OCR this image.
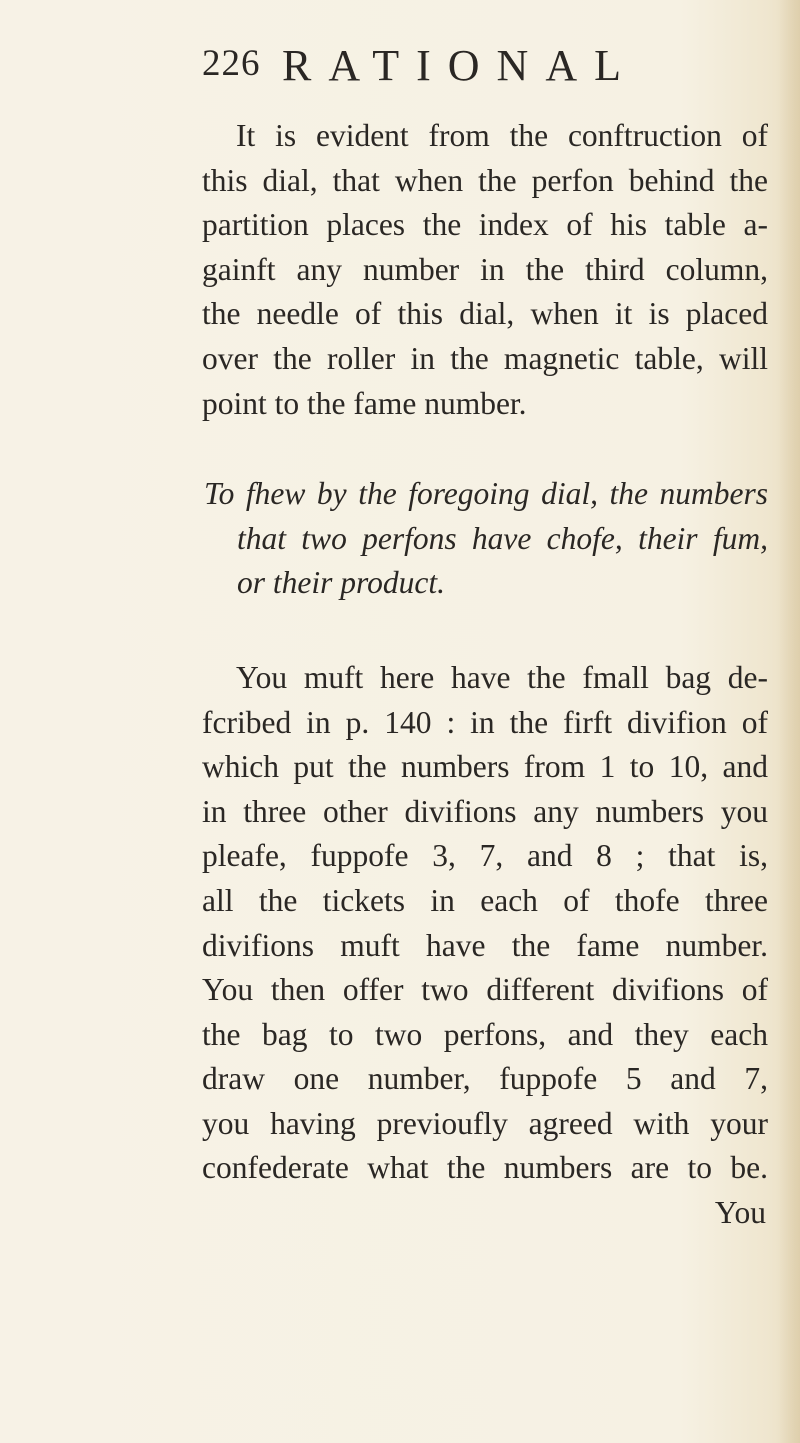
226 RATIONAL

It is evident from the conftruction of

this dial, that when the perfon behind the

partition places the index of his table a-

gainft any number in the third column,

the needle of this dial, when it is placed

over the roller in the magnetic table, will

point to the fame number.

To fhew by the foregoing dial, the numbers

that two perfons have chofe, their fum,

or their product.

You muft here have the fmall bag de-

fcribed in p. 140 : in the firft divifion of

which put the numbers from 1 to 10, and

in three other divifions any numbers you

pleafe, fuppofe 3, 7, and 8 ; that is,

all the tickets in each of thofe three

divifions muft have the fame number.

You then offer two different divifions of

the bag to two perfons, and they each

draw one number, fuppofe 5 and 7,

you having previoufly agreed with your

confederate what the numbers are to be.

You
